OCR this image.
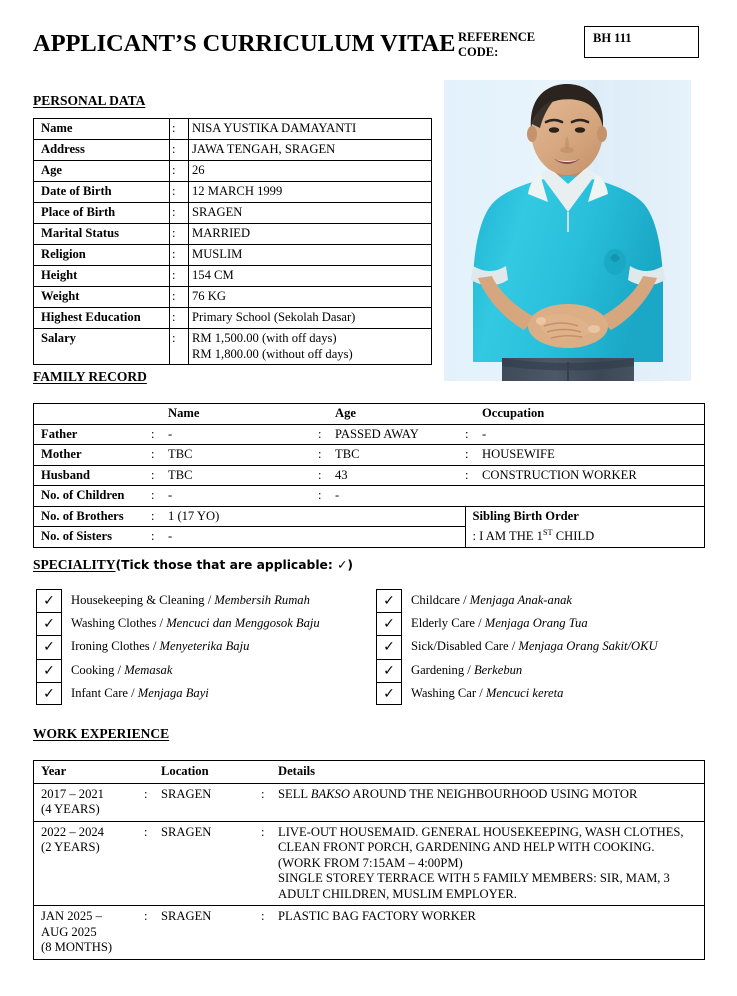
APPLICANT’S CURRICULUM VITAE REFERENCE CODE:
BH 111
PERSONAL DATA
Name	:	NISA YUSTIKA DAMAYANTI
Address	:	JAWA TENGAH, SRAGEN
Age	:	26
Date of Birth	:	12 MARCH 1999
Place of Birth	:	SRAGEN
Marital Status	:	MARRIED
Religion	:	MUSLIM
Height	:	154 CM
Weight	:	76 KG
Highest Education	:	Primary School (Sekolah Dasar)
Salary	:	RM 1,500.00 (with off days)
RM 1,800.00 (without off days)
FAMILY RECORD
		Name		Age		Occupation
Father	:	-	:	PASSED AWAY	:	-
Mother	:	TBC	:	TBC	:	HOUSEWIFE
Husband	:	TBC	:	43	:	CONSTRUCTION WORKER
No. of Children	:	-	:	-		
No. of Brothers	:	1 (17 YO)			Sibling Birth Order	
No. of Sisters	:	-			: I AM THE 1ST CHILD	
SPECIALITY(Tick those that are applicable: ✓)
✓	Housekeeping & Cleaning / Membersih Rumah
✓	Washing Clothes / Mencuci dan Menggosok Baju
✓	Ironing Clothes / Menyeterika Baju
✓	Cooking / Memasak
✓	Infant Care / Menjaga Bayi
✓	Childcare / Menjaga Anak-anak
✓	Elderly Care / Menjaga Orang Tua
✓	Sick/Disabled Care / Menjaga Orang Sakit/OKU
✓	Gardening / Berkebun
✓	Washing Car / Mencuci kereta
WORK EXPERIENCE
Year		Location		Details

2017 – 2021
(4 YEARS)	:	SRAGEN	:	SELL BAKSO AROUND THE NEIGHBOURHOOD USING MOTOR

2022 – 2024
(2 YEARS)
	:	SRAGEN	:	LIVE-OUT HOUSEMAID. GENERAL HOUSEKEEPING, WASH CLOTHES, CLEAN FRONT PORCH, GARDENING AND HELP WITH COOKING. (WORK FROM 7:15AM – 4:00PM)
SINGLE STOREY TERRACE WITH 5 FAMILY MEMBERS: SIR, MAM, 3 ADULT CHILDREN, MUSLIM EMPLOYER.

JAN 2025 –
AUG 2025
(8 MONTHS)	:	SRAGEN	:	PLASTIC BAG FACTORY WORKER
